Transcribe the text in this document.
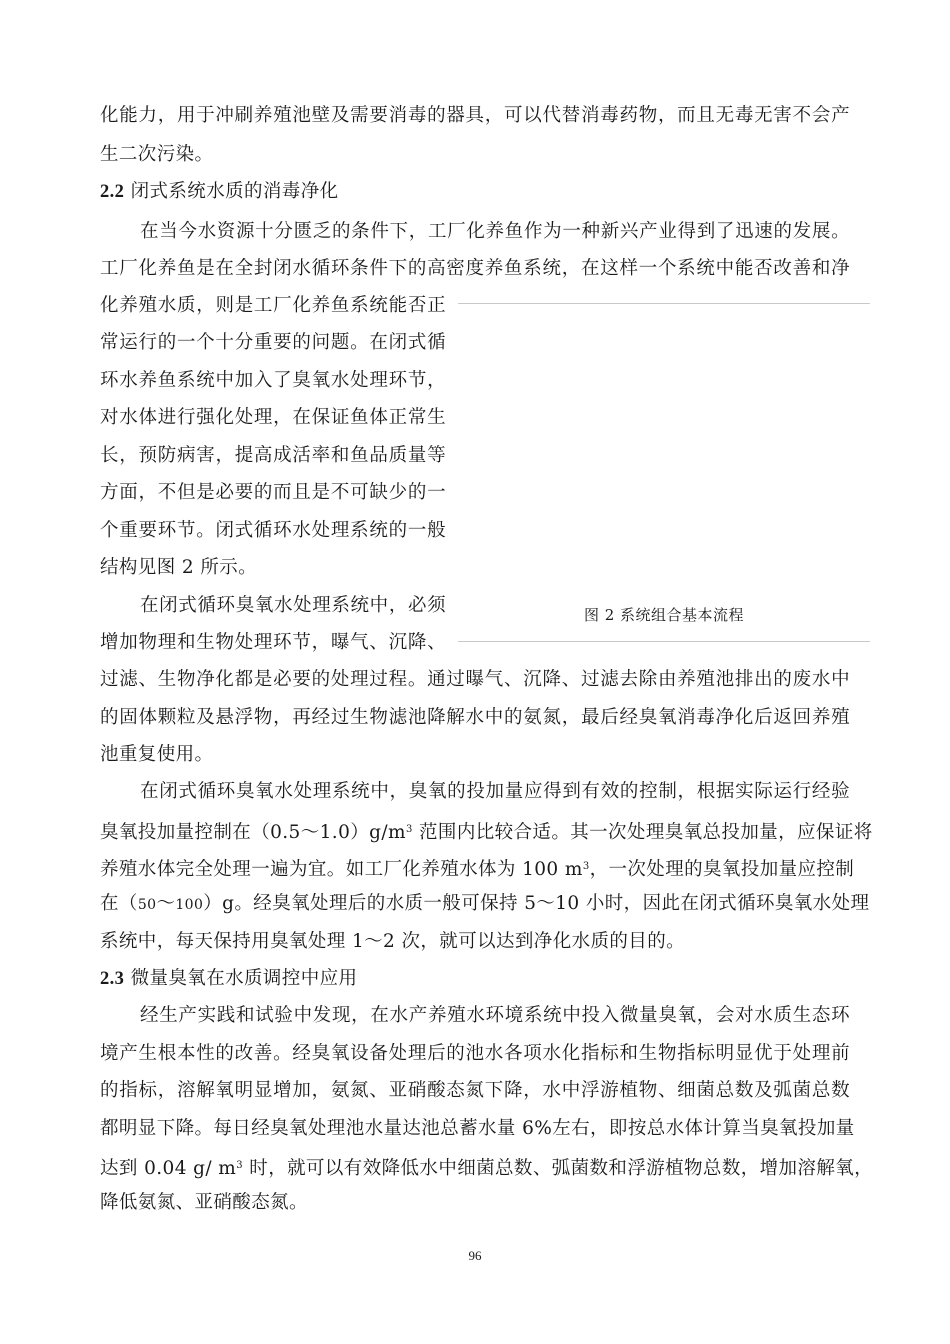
化能力，用于冲刷养殖池壁及需要消毒的器具，可以代替消毒药物，而且无毒无害不会产
生二次污染。
2.2 闭式系统水质的消毒净化
在当今水资源十分匮乏的条件下，工厂化养鱼作为一种新兴产业得到了迅速的发展。
工厂化养鱼是在全封闭水循环条件下的高密度养鱼系统，在这样一个系统中能否改善和净
化养殖水质，则是工厂化养鱼系统能否正
常运行的一个十分重要的问题。在闭式循
环水养鱼系统中加入了臭氧水处理环节，
对水体进行强化处理，在保证鱼体正常生
长，预防病害，提高成活率和鱼品质量等
方面，不但是必要的而且是不可缺少的一
个重要环节。闭式循环水处理系统的一般
结构见图 2 所示。
在闭式循环臭氧水处理系统中，必须
增加物理和生物处理环节，曝气、沉降、
图 2 系统组合基本流程
过滤、生物净化都是必要的处理过程。通过曝气、沉降、过滤去除由养殖池排出的废水中
的固体颗粒及悬浮物，再经过生物滤池降解水中的氨氮，最后经臭氧消毒净化后返回养殖
池重复使用。
在闭式循环臭氧水处理系统中，臭氧的投加量应得到有效的控制，根据实际运行经验
臭氧投加量控制在$(0.5\sim 1.0)g/m^3$ 范围内比较合适。其一次处理臭氧总投加量，应保证将
养殖水体完全处理一遍为宜。如工厂化养殖水体为 100 $m^3$，一次处理的臭氧投加量应控制
在（50～100）g。经臭氧处理后的水质一般可保持 5～10 小时，因此在闭式循环臭氧水处理
系统中，每天保持用臭氧处理 1～2 次，就可以达到净化水质的目的。
2.3 微量臭氧在水质调控中应用
经生产实践和试验中发现，在水产养殖水环境系统中投入微量臭氧，会对水质生态环
境产生根本性的改善。经臭氧设备处理后的池水各项水化指标和生物指标明显优于处理前
的指标，溶解氧明显增加，氨氮、亚硝酸态氮下降，水中浮游植物、细菌总数及弧菌总数
都明显下降。每日经臭氧处理池水量达池总蓄水量 6%左右，即按总水体计算当臭氧投加量
达到 0.04 g/ $m^3$ 时，就可以有效降低水中细菌总数、弧菌数和浮游植物总数，增加溶解氧，
降低氨氮、亚硝酸态氮。
96
